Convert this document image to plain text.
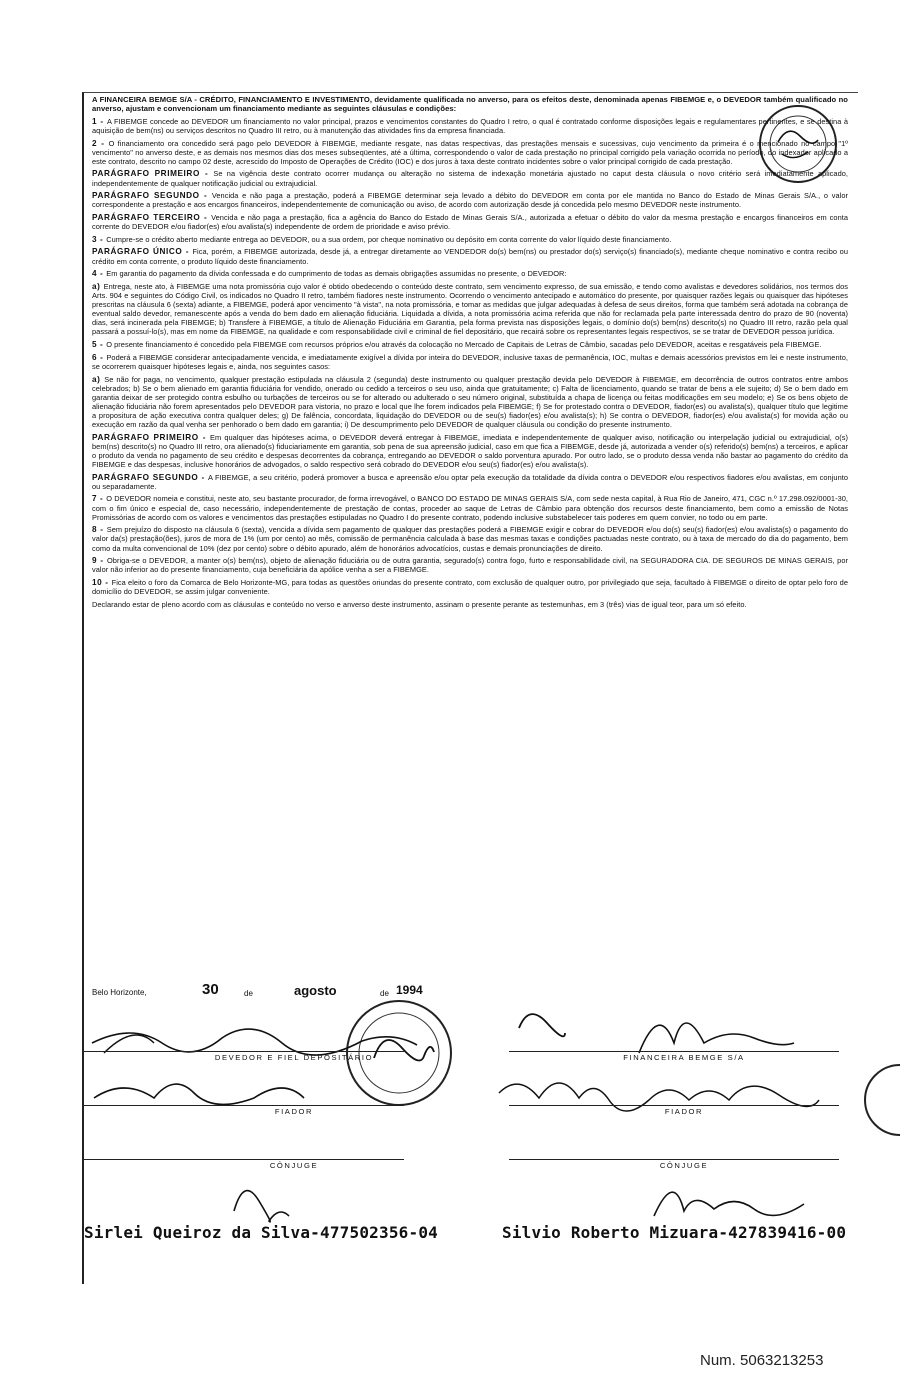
A FINANCEIRA BEMGE S/A - CRÉDITO, FINANCIAMENTO E INVESTIMENTO, devidamente qualificada no anverso, para os efeitos deste, denominada apenas FIBEMGE e, o DEVEDOR também qualificado no anverso, ajustam e convencionam um financiamento mediante as seguintes cláusulas e condições:

1 - A FIBEMGE concede ao DEVEDOR um financiamento no valor principal, prazos e vencimentos constantes do Quadro I retro, o qual é contratado conforme disposições legais e regulamentares pertinentes, e se destina à aquisição de bem(ns) ou serviços descritos no Quadro III retro, ou à manutenção das atividades fins da empresa financiada.

2 - O financiamento ora concedido será pago pelo DEVEDOR à FIBEMGE, mediante resgate, nas datas respectivas, das prestações mensais e sucessivas, cujo vencimento da primeira é o mencionado no campo "1º vencimento" no anverso deste, e as demais nos mesmos dias dos meses subseqüentes, até a última, correspondendo o valor de cada prestação no principal corrigido pela variação ocorrida no período, do indexador aplicado a este contrato, descrito no campo 02 deste, acrescido do Imposto de Operações de Crédito (IOC) e dos juros à taxa deste contrato incidentes sobre o valor principal corrigido de cada prestação.

PARÁGRAFO PRIMEIRO - Se na vigência deste contrato ocorrer mudança ou alteração no sistema de indexação monetária ajustado no caput desta cláusula o novo critério será imediatamente aplicado, independentemente de qualquer notificação judicial ou extrajudicial.

PARÁGRAFO SEGUNDO - Vencida e não paga a prestação, poderá a FIBEMGE determinar seja levado a débito do DEVEDOR em conta por ele mantida no Banco do Estado de Minas Gerais S/A., o valor correspondente a prestação e aos encargos financeiros, independentemente de comunicação ou aviso, de acordo com autorização desde já concedida pelo mesmo DEVEDOR neste instrumento.

PARÁGRAFO TERCEIRO - Vencida e não paga a prestação, fica a agência do Banco do Estado de Minas Gerais S/A., autorizada a efetuar o débito do valor da mesma prestação e encargos financeiros em conta corrente do DEVEDOR e/ou fiador(es) e/ou avalista(s) independente de ordem de prioridade e aviso prévio.

3 - Cumpre-se o crédito aberto mediante entrega ao DEVEDOR, ou a sua ordem, por cheque nominativo ou depósito em conta corrente do valor líquido deste financiamento.

PARÁGRAFO ÚNICO - Fica, porém, a FIBEMGE autorizada, desde já, a entregar diretamente ao VENDEDOR do(s) bem(ns) ou prestador do(s) serviço(s) financiado(s), mediante cheque nominativo e contra recibo ou crédito em conta corrente, o produto líquido deste financiamento.

4 - Em garantia do pagamento da dívida confessada e do cumprimento de todas as demais obrigações assumidas no presente, o DEVEDOR:

a) Entrega, neste ato, à FIBEMGE uma nota promissória cujo valor é obtido obedecendo o conteúdo deste contrato, sem vencimento expresso, de sua emissão, e tendo como avalistas e devedores solidários, nos termos dos Arts. 904 e seguintes do Código Civil, os indicados no Quadro II retro, também fiadores neste instrumento. Ocorrendo o vencimento antecipado e automático do presente, por quaisquer razões legais ou quaisquer das hipóteses prescritas na cláusula 6 (sexta) adiante, a FIBEMGE, poderá apor vencimento "à vista", na nota promissória, e tomar as medidas que julgar adequadas à defesa de seus direitos, forma que também será adotada na cobrança de eventual saldo devedor, remanescente após a venda do bem dado em alienação fiduciária. Liquidada a dívida, a nota promissória acima referida que não for reclamada pela parte interessada dentro do prazo de 90 (noventa) dias, será incinerada pela FIBEMGE; b) Transfere à FIBEMGE, a título de Alienação Fiduciária em Garantia, pela forma prevista nas disposições legais, o domínio do(s) bem(ns) descrito(s) no Quadro III retro, razão pela qual passará a possuí-lo(s), mas em nome da FIBEMGE, na qualidade e com responsabilidade civil e criminal de fiel depositário, que recairá sobre os representantes legais respectivos, se se tratar de DEVEDOR pessoa jurídica.

5 - O presente financiamento é concedido pela FIBEMGE com recursos próprios e/ou através da colocação no Mercado de Capitais de Letras de Câmbio, sacadas pelo DEVEDOR, aceitas e resgatáveis pela FIBEMGE.

6 - Poderá a FIBEMGE considerar antecipadamente vencida, e imediatamente exigível a dívida por inteira do DEVEDOR, inclusive taxas de permanência, IOC, multas e demais acessórios previstos em lei e neste instrumento, se ocorrerem quaisquer hipóteses legais e, ainda, nos seguintes casos:

a) Se não for paga, no vencimento, qualquer prestação estipulada na cláusula 2 (segunda) deste instrumento ou qualquer prestação devida pelo DEVEDOR à FIBEMGE, em decorrência de outros contratos entre ambos celebrados; b) Se o bem alienado em garantia fiduciária for vendido, onerado ou cedido a terceiros o seu uso, ainda que gratuitamente; c) Falta de licenciamento, quando se tratar de bens a ele sujeito; d) Se o bem dado em garantia deixar de ser protegido contra esbulho ou turbações de terceiros ou se for alterado ou adulterado o seu número original, substituída a chapa de licença ou feitas modificações em seu modelo; e) Se os bens objeto de alienação fiduciária não forem apresentados pelo DEVEDOR para vistoria, no prazo e local que lhe forem indicados pela FIBEMGE; f) Se for protestado contra o DEVEDOR, fiador(es) ou avalista(s), qualquer título que legitime a propositura de ação executiva contra qualquer deles; g) De falência, concordata, liquidação do DEVEDOR ou de seu(s) fiador(es) e/ou avalista(s); h) Se contra o DEVEDOR, fiador(es) e/ou avalista(s) for movida ação ou execução em razão da qual venha ser penhorado o bem dado em garantia; i) De descumprimento pelo DEVEDOR de qualquer cláusula ou condição do presente instrumento.

PARÁGRAFO PRIMEIRO - Em qualquer das hipóteses acima, o DEVEDOR deverá entregar à FIBEMGE, imediata e independentemente de qualquer aviso, notificação ou interpelação judicial ou extrajudicial, o(s) bem(ns) descrito(s) no Quadro III retro, ora alienado(s) fiduciariamente em garantia, sob pena de sua apreensão judicial, caso em que fica a FIBEMGE, desde já, autorizada a vender o(s) referido(s) bem(ns) a terceiros, e aplicar o produto da venda no pagamento de seu crédito e despesas decorrentes da cobrança, entregando ao DEVEDOR o saldo porventura apurado. Por outro lado, se o produto dessa venda não bastar ao pagamento do crédito da FIBEMGE e das despesas, inclusive honorários de advogados, o saldo respectivo será cobrado do DEVEDOR e/ou seu(s) fiador(es) e/ou avalista(s).

PARÁGRAFO SEGUNDO - A FIBEMGE, a seu critério, poderá promover a busca e apreensão e/ou optar pela execução da totalidade da dívida contra o DEVEDOR e/ou respectivos fiadores e/ou avalistas, em conjunto ou separadamente.

7 - O DEVEDOR nomeia e constitui, neste ato, seu bastante procurador, de forma irrevogável, o BANCO DO ESTADO DE MINAS GERAIS S/A, com sede nesta capital, à Rua Rio de Janeiro, 471, CGC n.º 17.298.092/0001-30, com o fim único e especial de, caso necessário, independentemente de prestação de contas, proceder ao saque de Letras de Câmbio para obtenção dos recursos deste financiamento, bem como a emissão de Notas Promissórias de acordo com os valores e vencimentos das prestações estipuladas no Quadro I do presente contrato, podendo inclusive substabelecer tais poderes em quem convier, no todo ou em parte.

8 - Sem prejuízo do disposto na cláusula 6 (sexta), vencida a dívida sem pagamento de qualquer das prestações poderá a FIBEMGE exigir e cobrar do DEVEDOR e/ou do(s) seu(s) fiador(es) e/ou avalista(s) o pagamento do valor da(s) prestação(ões), juros de mora de 1% (um por cento) ao mês, comissão de permanência calculada à base das mesmas taxas e condições pactuadas neste contrato, ou à taxa de mercado do dia do pagamento, bem como da multa convencional de 10% (dez por cento) sobre o débito apurado, além de honorários advocatícios, custas e demais pronunciações de direito.

9 - Obriga-se o DEVEDOR, a manter o(s) bem(ns), objeto de alienação fiduciária ou de outra garantia, segurado(s) contra fogo, furto e responsabilidade civil, na SEGURADORA CIA. DE SEGUROS DE MINAS GERAIS, por valor não inferior ao do presente financiamento, cuja beneficiária da apólice venha a ser a FIBEMGE.

10 - Fica eleito o foro da Comarca de Belo Horizonte-MG, para todas as questões oriundas do presente contrato, com exclusão de qualquer outro, por privilegiado que seja, facultado à FIBEMGE o direito de optar pelo foro de domicílio do DEVEDOR, se assim julgar conveniente.

Declarando estar de pleno acordo com as cláusulas e conteúdo no verso e anverso deste instrumento, assinam o presente perante as testemunhas, em 3 (três) vias de igual teor, para um só efeito.

Belo Horizonte,	30	de	agosto	de 1994
DEVEDOR E FIEL DEPOSITÁRIO	FINANCEIRA BEMGE S/A
FIADOR	FIADOR
CÔNJUGE	CÔNJUGE
Sirlei Queiroz da Silva-477502356-04	Silvio Roberto Mizuara-427839416-00
Num. 5063213253
